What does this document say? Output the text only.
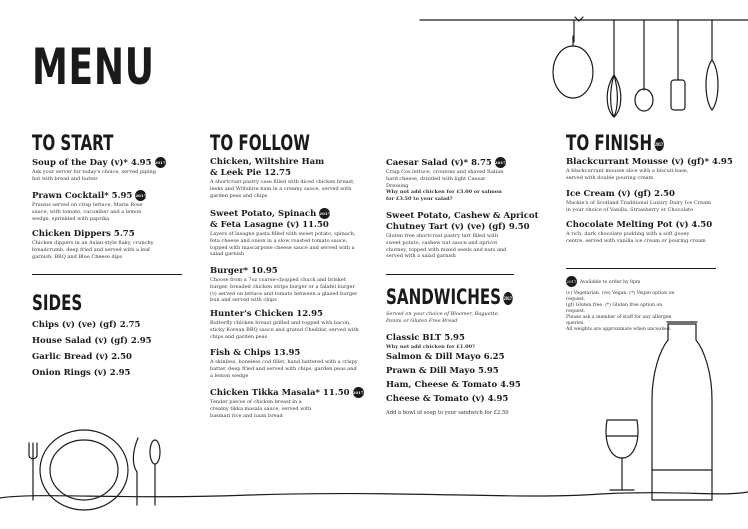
MENU
TO START
Soup of the Day (v)* 4.95 2017
Ask your server for today's choice, served piping hot with bread and butter
Prawn Cocktail* 5.95 2017
Prawns served on crisp lettuce, Marie Rose sauce, with tomato, cucumber and a lemon wedge, sprinkled with paprika
Chicken Dippers 5.75
Chicken dippers in an Asian-style flaky, crunchy breadcrumb, deep fried and served with a leaf garnish, BBQ and Blue Cheese dips
SIDES
Chips (v) (ve) (gf) 2.75
House Salad (v) (gf) 2.95
Garlic Bread (v) 2.50
Onion Rings (v) 2.95
TO FOLLOW
Chicken, Wiltshire Ham
& Leek Pie 12.75
A shortcrust pastry case filled with diced chicken breast, leeks and Wiltshire ham in a creamy sauce, served with garden peas and chips
Sweet Potato, Spinach 2017
& Feta Lasagne (v) 11.50
Layers of lasagne pasta filled with sweet potato, spinach, feta cheese and onion in a slow roasted tomato sauce, topped with mascarpone cheese sauce and served with a salad garnish
Burger* 10.95
Choose from a 7oz coarse-chopped chuck and brisket burger, breaded chicken strips burger or a falafel burger (v) served on lettuce and tomato between a glazed burger bun and served with chips
Hunter's Chicken 12.95
Butterfly chicken breast grilled and topped with bacon, sticky Korean BBQ sauce and grated Cheddar, served with chips and garden peas
Fish & Chips 13.95
A skinless, boneless cod fillet, hand battered with a crispy batter, deep fried and served with chips, garden peas and a lemon wedge
Chicken Tikka Masala* 11.50 2017
Tender pieces of chicken breast in a creamy tikka masala sauce, served with basmati rice and naan bread
Caesar Salad (v)* 8.75 2017
Crisp Cos lettuce, croutons and shaved Italian hard cheese, drizzled with light Caesar Dressing
Why not add chicken for £3.00 or salmon for £3.50 to your salad?
Sweet Potato, Cashew & Apricot
Chutney Tart (v) (ve) (gf) 9.50
Gluten free shortcrust pastry tart filled with sweet potato, cashew nut sauce and apricot chutney, topped with mixed seeds and nuts and served with a salad garnish
SANDWICHES 2017
Served on your choice of Bloomer, Baguette, Panini or Gluten Free Bread
Classic BLT 5.95
Why not add chicken for £1.00?
Salmon & Dill Mayo 6.25
Prawn & Dill Mayo 5.95
Ham, Cheese & Tomato 4.95
Cheese & Tomato (v) 4.95
Add a bowl of soup to your sandwich for £2.50
TO FINISH 2017
Blackcurrant Mousse (v) (gf)* 4.95
A blackcurrant mousse slice with a biscuit base, served with double pouring cream
Ice Cream (v) (gf) 2.50
Mackie's of Scotland Traditional Luxury Dairy Ice Cream in your choice of Vanilla, Strawberry or Chocolate
Chocolate Melting Pot (v) 4.50
A rich, dark chocolate pudding with a soft gooey centre, served with vanilla ice cream or pouring cream
2017 Available to order by 8pm
(v) Vegetarian. (ve) Vegan. (*) Vegan option on request.
(gf) Gluten free. (*) Gluten free option on request.
Please ask a member of staff for any allergen queries.
All weights are approximate when uncooked.
